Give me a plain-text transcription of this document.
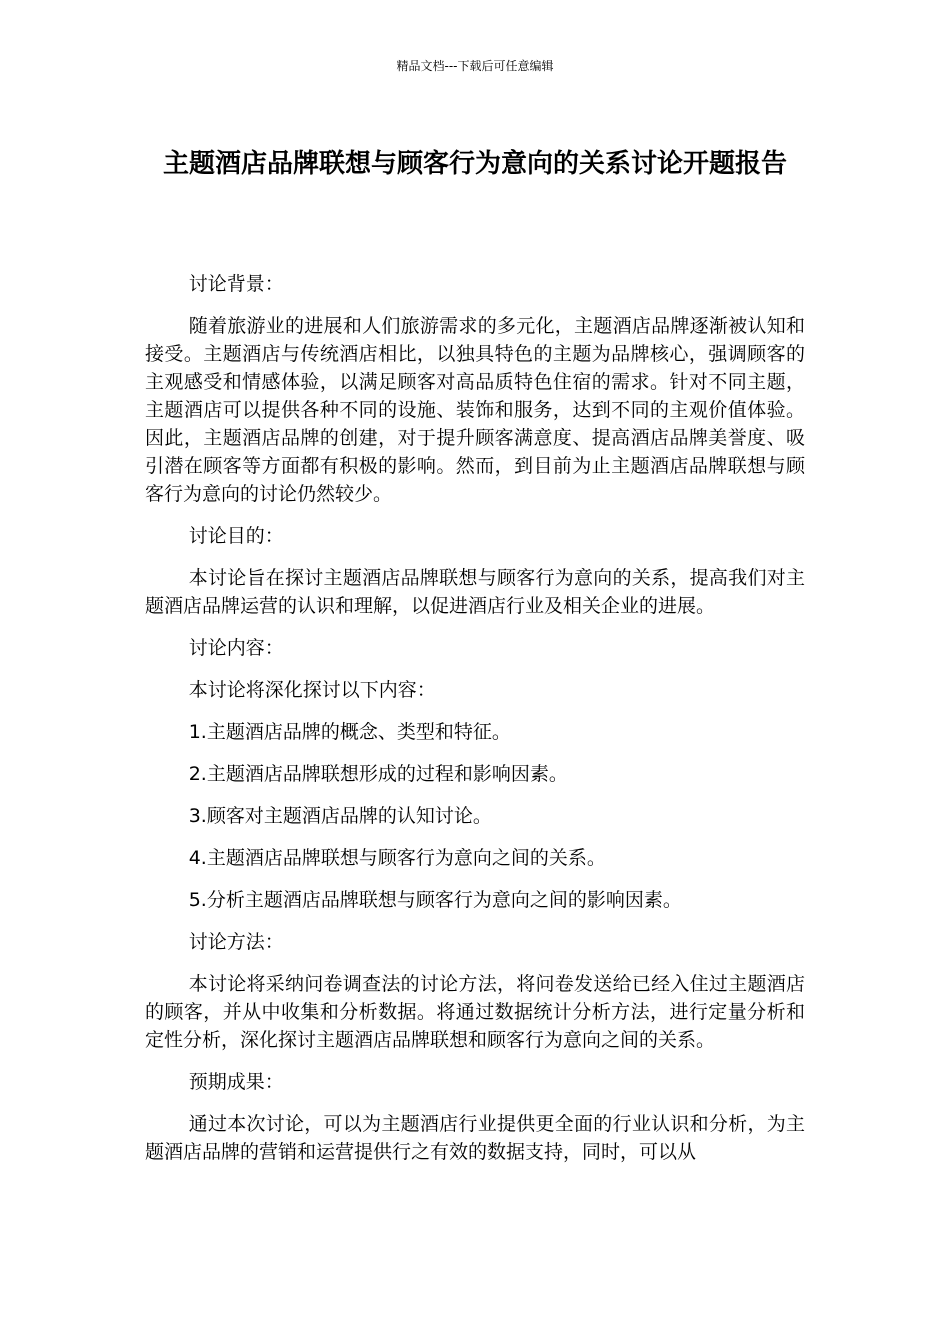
精品文档---下载后可任意编辑
主题酒店品牌联想与顾客行为意向的关系讨论开题报告

讨论背景：

随着旅游业的进展和人们旅游需求的多元化，主题酒店品牌逐渐被认知和接受。主题酒店与传统酒店相比，以独具特色的主题为品牌核心，强调顾客的主观感受和情感体验，以满足顾客对高品质特色住宿的需求。针对不同主题，主题酒店可以提供各种不同的设施、装饰和服务，达到不同的主观价值体验。因此，主题酒店品牌的创建，对于提升顾客满意度、提高酒店品牌美誉度、吸引潜在顾客等方面都有积极的影响。然而，到目前为止主题酒店品牌联想与顾客行为意向的讨论仍然较少。

讨论目的：

本讨论旨在探讨主题酒店品牌联想与顾客行为意向的关系，提高我们对主题酒店品牌运营的认识和理解，以促进酒店行业及相关企业的进展。

讨论内容：

本讨论将深化探讨以下内容：

1.主题酒店品牌的概念、类型和特征。

2.主题酒店品牌联想形成的过程和影响因素。

3.顾客对主题酒店品牌的认知讨论。

4.主题酒店品牌联想与顾客行为意向之间的关系。

5.分析主题酒店品牌联想与顾客行为意向之间的影响因素。

讨论方法：

本讨论将采纳问卷调查法的讨论方法，将问卷发送给已经入住过主题酒店的顾客，并从中收集和分析数据。将通过数据统计分析方法，进行定量分析和定性分析，深化探讨主题酒店品牌联想和顾客行为意向之间的关系。

预期成果：

通过本次讨论，可以为主题酒店行业提供更全面的行业认识和分析，为主题酒店品牌的营销和运营提供行之有效的数据支持，同时，可以从
